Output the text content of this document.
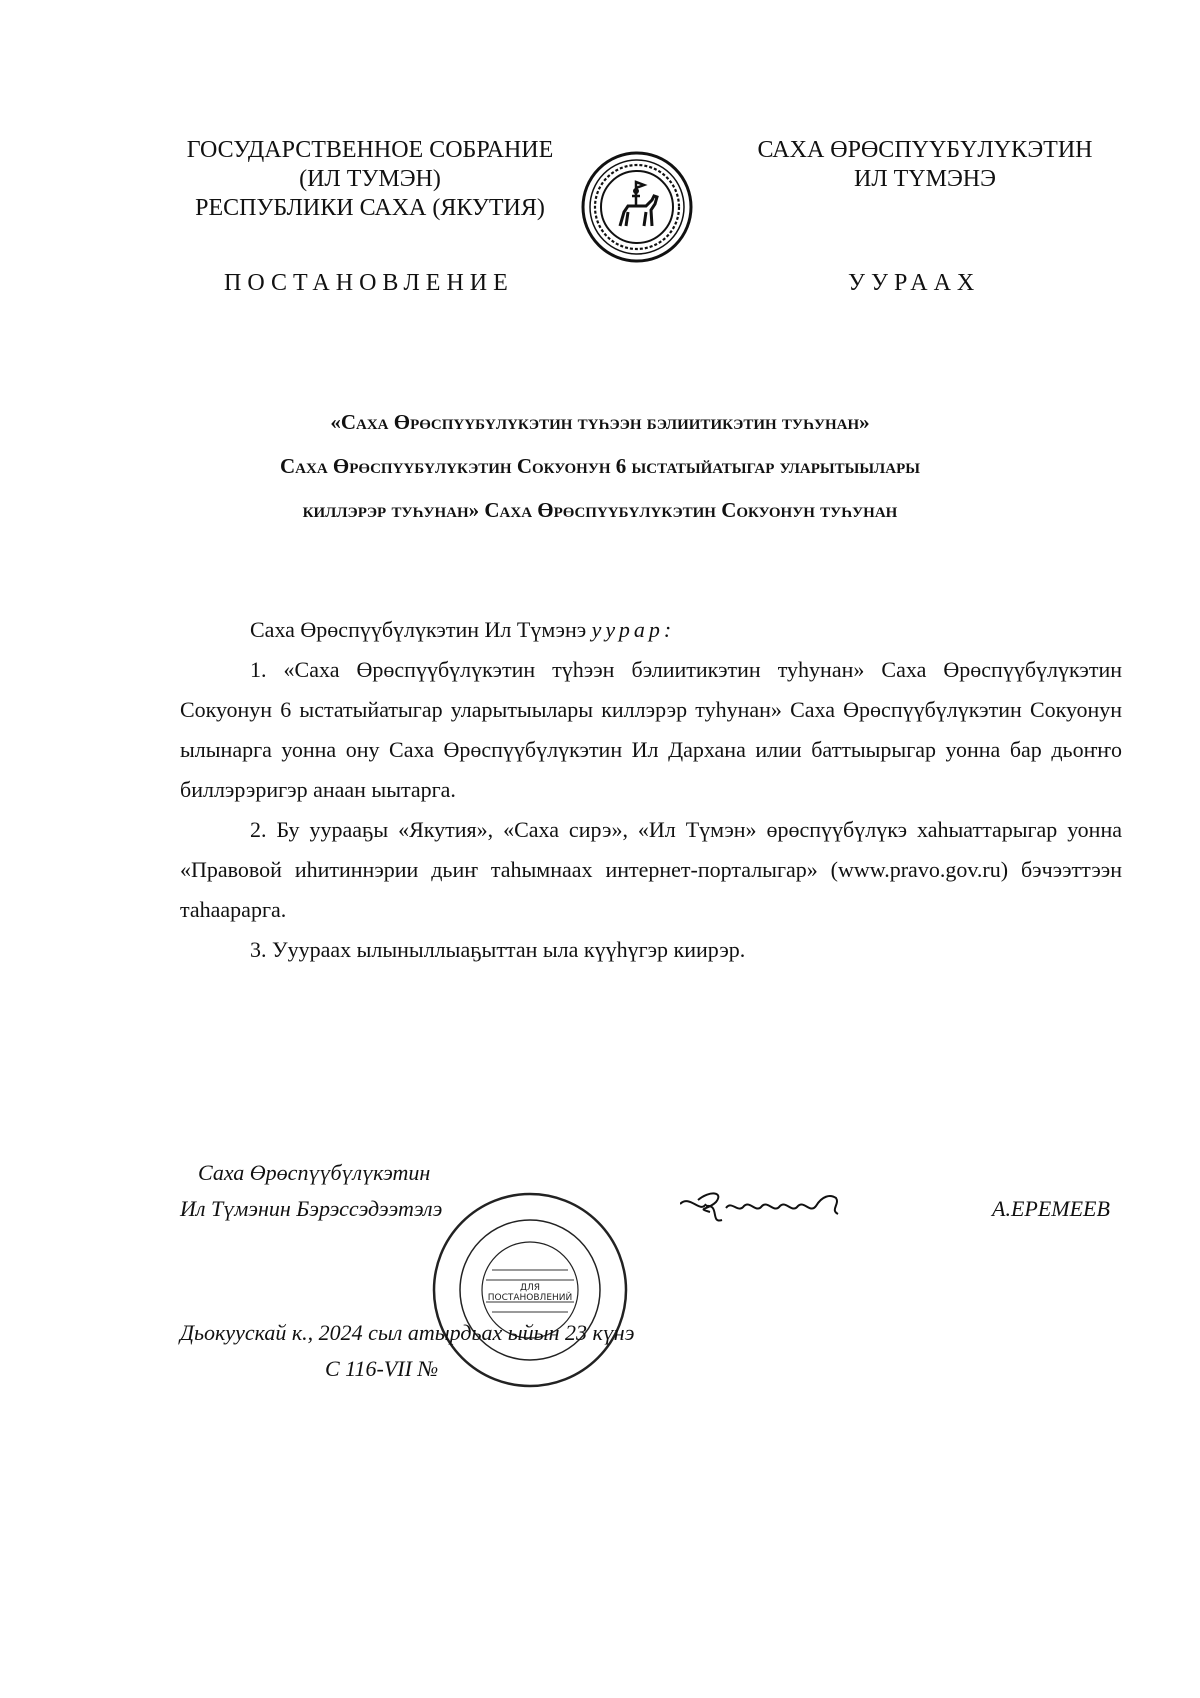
ГОСУДАРСТВЕННОЕ СОБРАНИЕ
(ИЛ ТУМЭН)
РЕСПУБЛИКИ САХА (ЯКУТИЯ)
САХА ӨРӨСПҮҮБҮЛҮКЭТИН
ИЛ ТҮМЭНЭ
ПОСТАНОВЛЕНИЕ	УУРААХ
«Саха Өрөспүүбүлүкэтин түһээн бэлиитикэтин туһунан»
Саха Өрөспүүбүлүкэтин Сокуонун 6 ыстатыйатыгар уларытыылары
киллэрэр туһунан» Саха Өрөспүүбүлүкэтин Сокуонун туһунан

Саха Өрөспүүбүлүкэтин Ил Түмэнэ уурар:

1. «Саха Өрөспүүбүлүкэтин түһээн бэлиитикэтин туһунан» Саха Өрөспүүбүлүкэтин Сокуонун 6 ыстатыйатыгар уларытыылары киллэрэр туһунан» Саха Өрөспүүбүлүкэтин Сокуонун ылынарга уонна ону Саха Өрөспүүбүлүкэтин Ил Дархана илии баттыырыгар уонна бар дьоҥҥо биллэрэригэр анаан ыытарга.

2. Бу уурааҕы «Якутия», «Саха сирэ», «Ил Түмэн» өрөспүүбүлүкэ хаһыаттарыгар уонна «Правовой иһитиннэрии дьиҥ таһымнаах интернет-порталыгар» (www.pravo.gov.ru) бэчээттээн таһаарарга.

3. Ууураах ылыныллыаҕыттан ыла күүһүгэр киирэр.

Саха Өрөспүүбүлүкэтин
Ил Түмэнин Бэрэссэдээтэлэ	А.ЕРЕМЕЕВ
ДЛЯ
ПОСТАНОВЛЕНИЙ
Дьокуускай к., 2024 сыл атырдьах ыйын 23 күнэ
С 116-VII №
